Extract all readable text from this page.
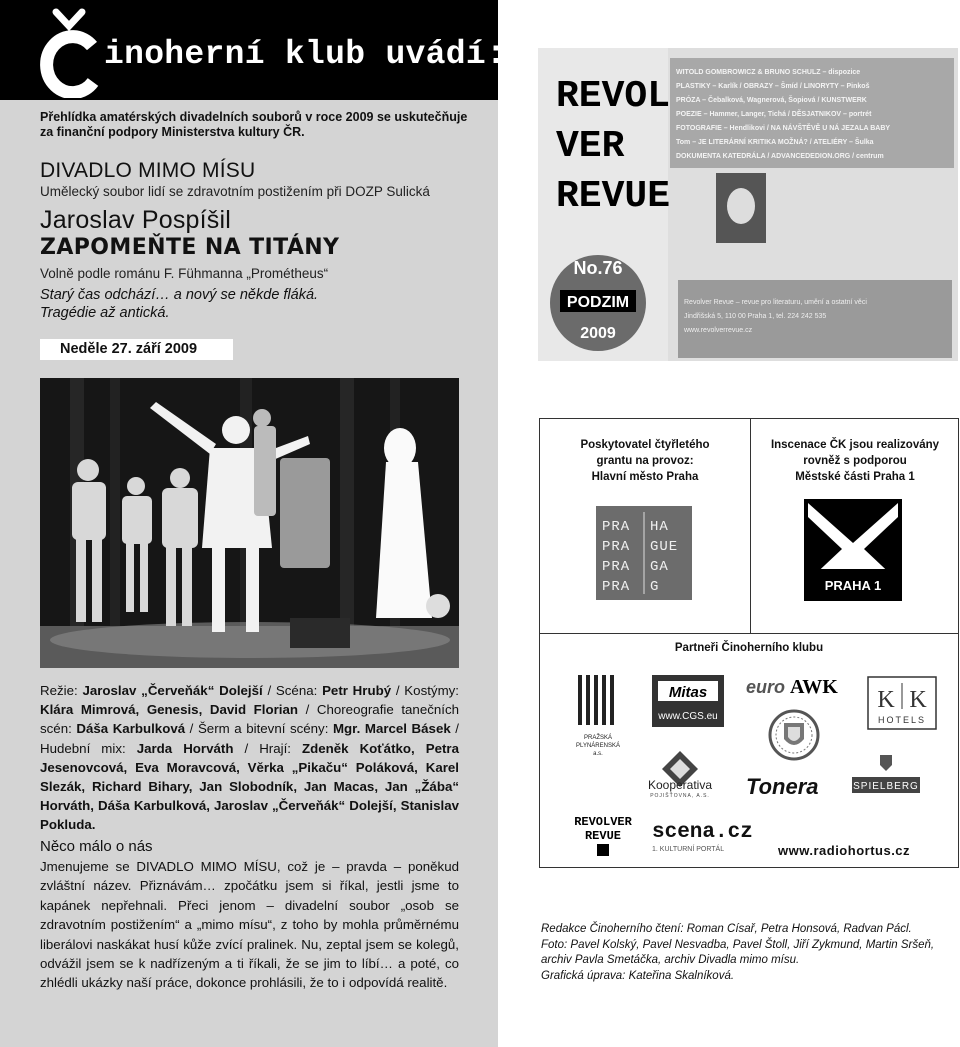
inoherní klub uvádí:
Přehlídka amatérských divadelních souborů v roce 2009 se uskutečňuje
za finanční podpory Ministerstva kultury ČR.
DIVADLO MIMO MÍSU
Umělecký soubor lidí se zdravotním postižením při DOZP Sulická
Jaroslav Pospíšil
ZAPOMEŇTE NA TITÁNY
Volně podle románu F. Fühmanna „Prométheus“
Starý čas odchází… a nový se někde fláká.
Tragédie až antická.
Neděle 27. září 2009
Režie: Jaroslav „Červeňák“ Dolejší / Scéna: Petr Hrubý / Kostýmy: Klára Mimrová, Genesis, David Florian / Choreografie tanečních scén: Dáša Karbulková / Šerm a bitevní scény: Mgr. Marcel Básek / Hudební mix: Jarda Horváth / Hrají: Zdeněk Koťátko, Petra Jesenovcová, Eva Moravcová, Věrka „Pikaču“ Poláková, Karel Slezák, Richard Bihary, Jan Slobodník, Jan Macas, Jan „Žába“ Horváth, Dáša Karbulková, Jaroslav „Červeňák“ Dolejší, Stanislav Pokluda.
Něco málo o nás
Jmenujeme se DIVADLO MIMO MÍSU, což je – pravda – poněkud zvláštní název. Přiznávám… zpočátku jsem si říkal, jestli jsme to kapánek nepřehnali. Přeci jenom – divadelní soubor „osob se zdravotním postižením“ a „mimo mísu“, z toho by mohla průměrnému liberálovi naskákat husí kůže zvící pralinek. Nu, zeptal jsem se kolegů, odvážil jsem se k nadřízeným a ti říkali, že se jim to líbí… a poté, co zhlédli ukázky naší práce, dokonce prohlásili, že to i odpovídá realitě.
No.76
PODZIM
2009
REVOL
VER
REVUE
WITOLD GOMBROWICZ & BRUNO SCHULZ – dispozice
PLASTIKY – Karlík / OBRAZY – Šmíd / LINORYTY – Pinkoš
PRÓZA – Čebalková, Wagnerová, Šopiová / KUNSTWERK
POEZIE – Hammer, Langer, Tichá / DĚSJATNIKOV – portrét
FOTOGRAFIE – Hendlikovi / NA NÁVŠTĚVĚ U NÁ JEZALA BABY
Tom – JE LITERÁRNÍ KRITIKA MOŽNÁ? / ATELIÉRY – Šulka
DOKUMENTA KATEDRÁLA / ADVANCEDEDION.ORG / centrum
Revolver Revue – revue pro literaturu, umění a ostatní věci
Jindřišská 5, 110 00 Praha 1, tel. 224 242 535
www.revolverrevue.cz
Poskytovatel čtyřletého
grantu na provoz:
Hlavní město Praha
Inscenace ČK jsou realizovány
rovněž s podporou
Městské části Praha 1
PRA HA
PRA GUE
PRA GA
PRA G	PRAHA 1
Partneři Činoherního klubu
PRAŽSKÁ
PLYNÁRENSKÁ
a.s.
Mitas
www.CGS.eu
euro AWK K K
HOTELS
Kooperativa
POJIŠŤOVNA, A.S. Tonera	SPIELBERG
REVOLVER
REVUE scena.cz
1. KULTURNÍ PORTÁL	www.radiohortus.cz
Redakce Činoherního čtení: Roman Císař, Petra Honsová, Radvan Pácl.
Foto: Pavel Kolský, Pavel Nesvadba, Pavel Štoll, Jiří Zykmund, Martin Sršeň,
archiv Pavla Smetáčka, archiv Divadla mimo mísu.
Grafická úprava: Kateřina Skalníková.
